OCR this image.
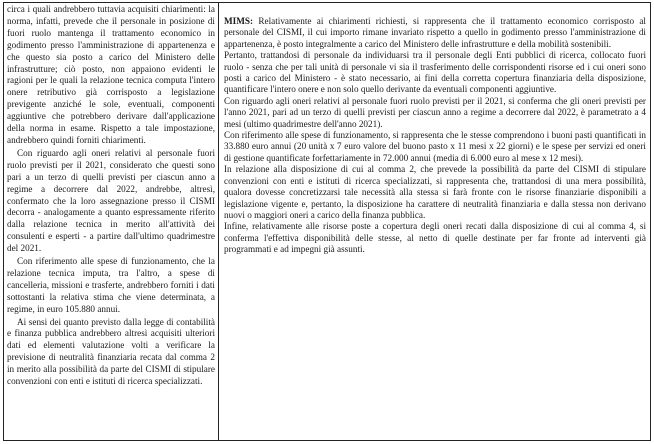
circa i quali andrebbero tuttavia acquisiti chiarimenti: la norma, infatti, prevede che il personale in posizione di fuori ruolo mantenga il trattamento economico in godimento presso l'amministrazione di appartenenza e che questo sia posto a carico del Ministero delle infrastrutture; ciò posto, non appaiono evidenti le ragioni per le quali la relazione tecnica computa l'intero onere retributivo già corrisposto a legislazione previgente anziché le sole, eventuali, componenti aggiuntive che potrebbero derivare dall'applicazione della norma in esame. Rispetto a tale impostazione, andrebbero quindi forniti chiarimenti.

Con riguardo agli oneri relativi al personale fuori ruolo previsti per il 2021, considerato che questi sono pari a un terzo di quelli previsti per ciascun anno a regime a decorrere dal 2022, andrebbe, altresì, confermato che la loro assegnazione presso il CISMI decorra - analogamente a quanto espressamente riferito dalla relazione tecnica in merito all'attività dei consulenti e esperti - a partire dall'ultimo quadrimestre del 2021.

Con riferimento alle spese di funzionamento, che la relazione tecnica imputa, tra l'altro, a spese di cancelleria, missioni e trasferte, andrebbero forniti i dati sottostanti la relativa stima che viene determinata, a regime, in euro 105.880 annui.

Ai sensi dei quanto previsto dalla legge di contabilità e finanza pubblica andrebbero altresì acquisiti ulteriori dati ed elementi valutazione volti a verificare la previsione di neutralità finanziaria recata dal comma 2 in merito alla possibilità da parte del CISMI di stipulare convenzioni con enti e istituti di ricerca specializzati.

MIMS: Relativamente ai chiarimenti richiesti, si rappresenta che il trattamento economico corrisposto al personale del CISMI, il cui importo rimane invariato rispetto a quello in godimento presso l'amministrazione di appartenenza, è posto integralmente a carico del Ministero delle infrastrutture e della mobilità sostenibili.

Pertanto, trattandosi di personale da individuarsi tra il personale degli Enti pubblici di ricerca, collocato fuori ruolo - senza che per tali unità di personale vi sia il trasferimento delle corrispondenti risorse ed i cui oneri sono posti a carico del Ministero - è stato necessario, ai fini della corretta copertura finanziaria della disposizione, quantificare l'intero onere e non solo quello derivante da eventuali componenti aggiuntive.

Con riguardo agli oneri relativi al personale fuori ruolo previsti per il 2021, si conferma che gli oneri previsti per l'anno 2021, pari ad un terzo di quelli previsti per ciascun anno a regime a decorrere dal 2022, è parametrato a 4 mesi (ultimo quadrimestre dell'anno 2021).

Con riferimento alle spese di funzionamento, si rappresenta che le stesse comprendono i buoni pasti quantificati in 33.880 euro annui (20 unità x 7 euro valore del buono pasto x 11 mesi x 22 giorni) e le spese per servizi ed oneri di gestione quantificate forfettariamente in 72.000 annui (media di 6.000 euro al mese x 12 mesi).

In relazione alla disposizione di cui al comma 2, che prevede la possibilità da parte del CISMI di stipulare convenzioni con enti e istituti di ricerca specializzati, si rappresenta che, trattandosi di una mera possibilità, qualora dovesse concretizzarsi tale necessità alla stessa si farà fronte con le risorse finanziarie disponibili a legislazione vigente e, pertanto, la disposizione ha carattere di neutralità finanziaria e dalla stessa non derivano nuovi o maggiori oneri a carico della finanza pubblica.

Infine, relativamente alle risorse poste a copertura degli oneri recati dalla disposizione di cui al comma 4, si conferma l'effettiva disponibilità delle stesse, al netto di quelle destinate per far fronte ad interventi già programmati e ad impegni già assunti.
